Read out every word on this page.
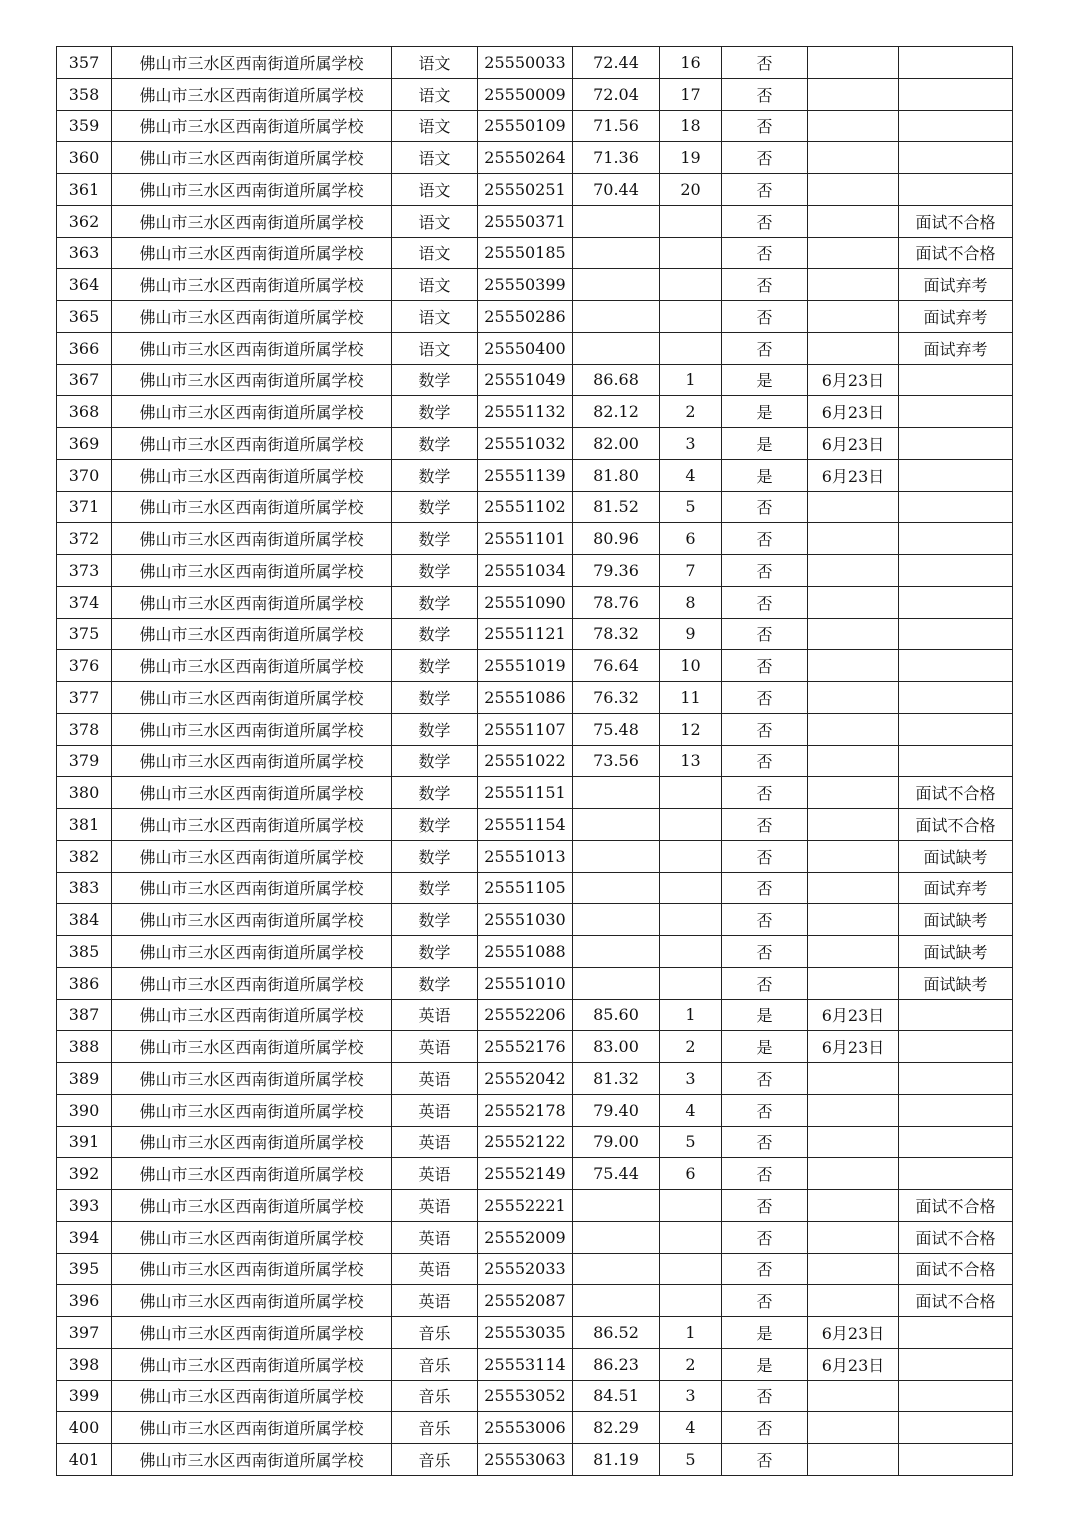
357	佛山市三水区西南街道所属学校	语文	25550033	72.44	16	否		
358	佛山市三水区西南街道所属学校	语文	25550009	72.04	17	否		
359	佛山市三水区西南街道所属学校	语文	25550109	71.56	18	否		
360	佛山市三水区西南街道所属学校	语文	25550264	71.36	19	否		
361	佛山市三水区西南街道所属学校	语文	25550251	70.44	20	否		
362	佛山市三水区西南街道所属学校	语文	25550371			否		面试不合格
363	佛山市三水区西南街道所属学校	语文	25550185			否		面试不合格
364	佛山市三水区西南街道所属学校	语文	25550399			否		面试弃考
365	佛山市三水区西南街道所属学校	语文	25550286			否		面试弃考
366	佛山市三水区西南街道所属学校	语文	25550400			否		面试弃考
367	佛山市三水区西南街道所属学校	数学	25551049	86.68	1	是	6月23日	
368	佛山市三水区西南街道所属学校	数学	25551132	82.12	2	是	6月23日	
369	佛山市三水区西南街道所属学校	数学	25551032	82.00	3	是	6月23日	
370	佛山市三水区西南街道所属学校	数学	25551139	81.80	4	是	6月23日	
371	佛山市三水区西南街道所属学校	数学	25551102	81.52	5	否		
372	佛山市三水区西南街道所属学校	数学	25551101	80.96	6	否		
373	佛山市三水区西南街道所属学校	数学	25551034	79.36	7	否		
374	佛山市三水区西南街道所属学校	数学	25551090	78.76	8	否		
375	佛山市三水区西南街道所属学校	数学	25551121	78.32	9	否		
376	佛山市三水区西南街道所属学校	数学	25551019	76.64	10	否		
377	佛山市三水区西南街道所属学校	数学	25551086	76.32	11	否		
378	佛山市三水区西南街道所属学校	数学	25551107	75.48	12	否		
379	佛山市三水区西南街道所属学校	数学	25551022	73.56	13	否		
380	佛山市三水区西南街道所属学校	数学	25551151			否		面试不合格
381	佛山市三水区西南街道所属学校	数学	25551154			否		面试不合格
382	佛山市三水区西南街道所属学校	数学	25551013			否		面试缺考
383	佛山市三水区西南街道所属学校	数学	25551105			否		面试弃考
384	佛山市三水区西南街道所属学校	数学	25551030			否		面试缺考
385	佛山市三水区西南街道所属学校	数学	25551088			否		面试缺考
386	佛山市三水区西南街道所属学校	数学	25551010			否		面试缺考
387	佛山市三水区西南街道所属学校	英语	25552206	85.60	1	是	6月23日	
388	佛山市三水区西南街道所属学校	英语	25552176	83.00	2	是	6月23日	
389	佛山市三水区西南街道所属学校	英语	25552042	81.32	3	否		
390	佛山市三水区西南街道所属学校	英语	25552178	79.40	4	否		
391	佛山市三水区西南街道所属学校	英语	25552122	79.00	5	否		
392	佛山市三水区西南街道所属学校	英语	25552149	75.44	6	否		
393	佛山市三水区西南街道所属学校	英语	25552221			否		面试不合格
394	佛山市三水区西南街道所属学校	英语	25552009			否		面试不合格
395	佛山市三水区西南街道所属学校	英语	25552033			否		面试不合格
396	佛山市三水区西南街道所属学校	英语	25552087			否		面试不合格
397	佛山市三水区西南街道所属学校	音乐	25553035	86.52	1	是	6月23日	
398	佛山市三水区西南街道所属学校	音乐	25553114	86.23	2	是	6月23日	
399	佛山市三水区西南街道所属学校	音乐	25553052	84.51	3	否		
400	佛山市三水区西南街道所属学校	音乐	25553006	82.29	4	否		
401	佛山市三水区西南街道所属学校	音乐	25553063	81.19	5	否		
